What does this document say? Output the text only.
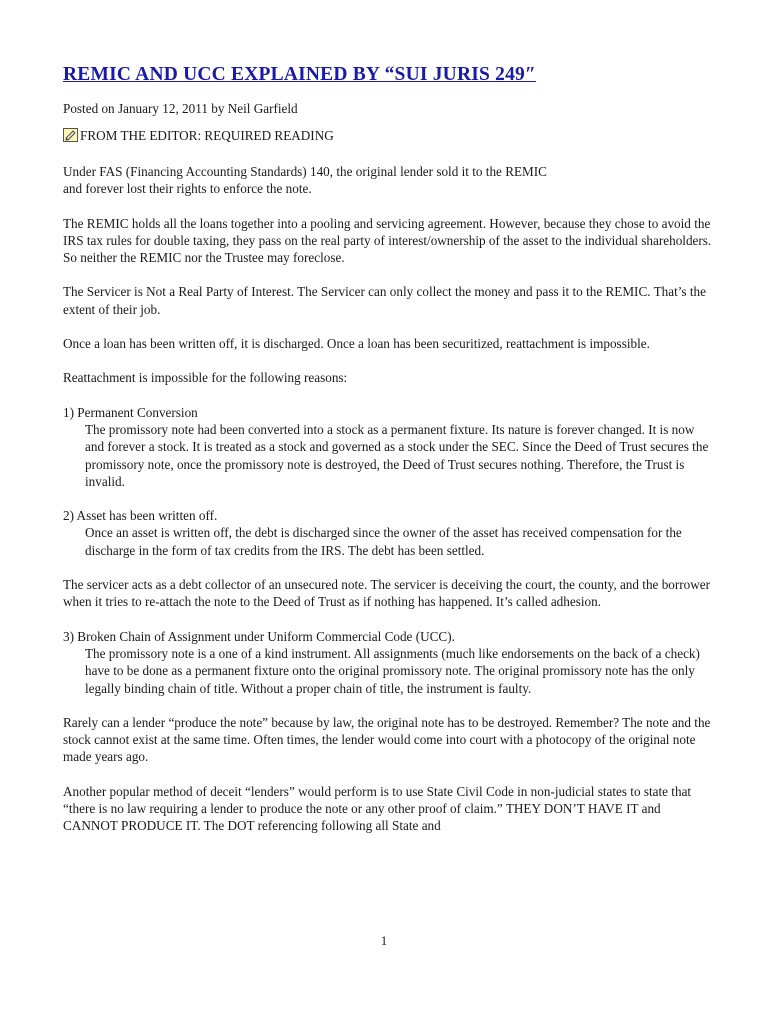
REMIC AND UCC EXPLAINED BY “SUI JURIS 249″
Posted on January 12, 2011 by Neil Garfield
FROM THE EDITOR: REQUIRED READING

Under FAS (Financing Accounting Standards) 140, the original lender sold it to the REMIC

and forever lost their rights to enforce the note.

The REMIC holds all the loans together into a pooling and servicing agreement. However, because they chose to avoid the IRS tax rules for double taxing, they pass on the real party of interest/ownership of the asset to the individual shareholders. So neither the REMIC nor the Trustee may foreclose.

The Servicer is Not a Real Party of Interest. The Servicer can only collect the money and pass it to the REMIC. That’s the extent of their job.

Once a loan has been written off, it is discharged. Once a loan has been securitized, reattachment is impossible.

Reattachment is impossible for the following reasons:

1) Permanent Conversion

The promissory note had been converted into a stock as a permanent fixture. Its nature is forever changed. It is now and forever a stock. It is treated as a stock and governed as a stock under the SEC. Since the Deed of Trust secures the promissory note, once the promissory note is destroyed, the Deed of Trust secures nothing. Therefore, the Trust is invalid.

2) Asset has been written off.

Once an asset is written off, the debt is discharged since the owner of the asset has received compensation for the discharge in the form of tax credits from the IRS. The debt has been settled.

The servicer acts as a debt collector of an unsecured note. The servicer is deceiving the court, the county, and the borrower when it tries to re-attach the note to the Deed of Trust as if nothing has happened. It’s called adhesion.

3) Broken Chain of Assignment under Uniform Commercial Code (UCC).

The promissory note is a one of a kind instrument. All assignments (much like endorsements on the back of a check) have to be done as a permanent fixture onto the original promissory note. The original promissory note has the only legally binding chain of title. Without a proper chain of title, the instrument is faulty.

Rarely can a lender “produce the note” because by law, the original note has to be destroyed. Remember? The note and the stock cannot exist at the same time. Often times, the lender would come into court with a photocopy of the original note made years ago.

Another popular method of deceit “lenders” would perform is to use State Civil Code in non-judicial states to state that “there is no law requiring a lender to produce the note or any other proof of claim.” THEY DON’T HAVE IT and CANNOT PRODUCE IT. The DOT referencing following all State and

1
